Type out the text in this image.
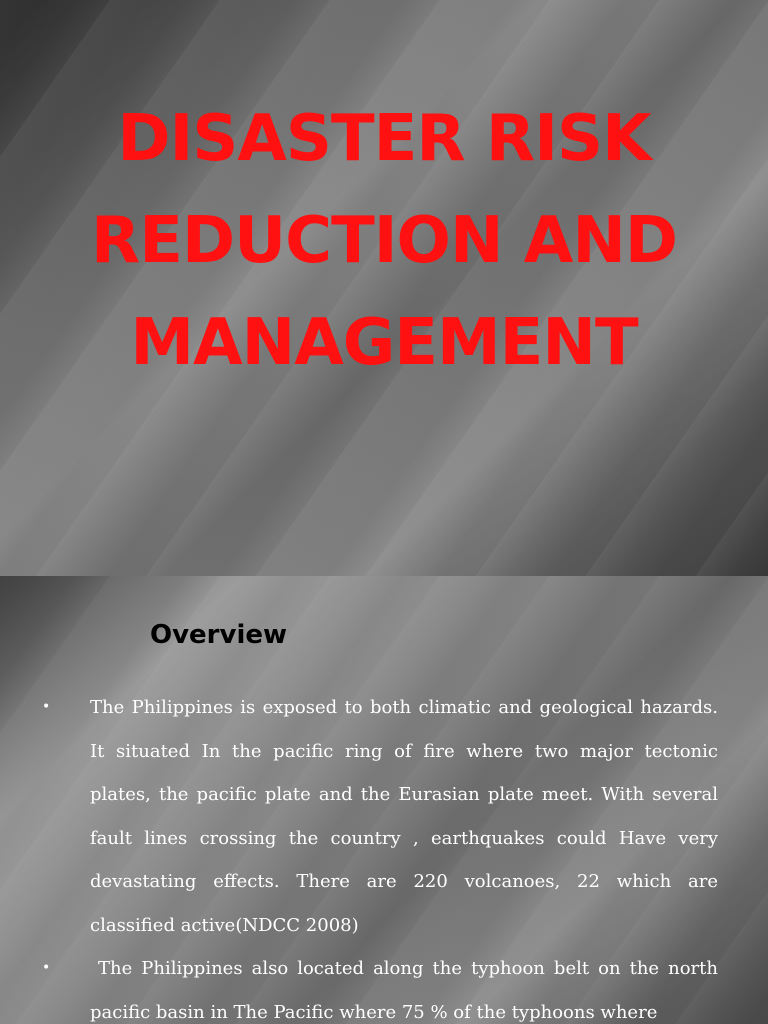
DISASTER RISK
REDUCTION AND
MANAGEMENT
Overview
• The Philippines is exposed to both climatic and geological hazards. It situated In the pacific ring of fire where two major tectonic plates, the pacific plate and the Eurasian plate meet. With several fault lines crossing the country , earthquakes could Have very devastating effects. There are 220 volcanoes, 22 which are classified active(NDCC 2008)
•	The Philippines also located along the typhoon belt on the north pacific basin in The Pacific where 75 % of the typhoons where
